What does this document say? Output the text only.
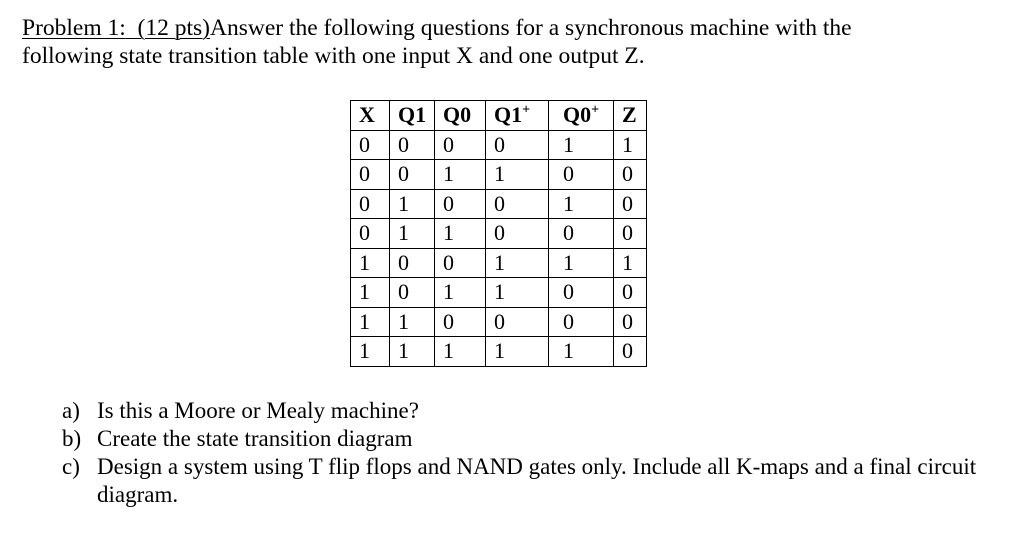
Problem 1: (12 pts)Answer the following questions for a synchronous machine with the
following state transition table with one input X and one output Z.
X	Q1	Q0	Q1+	Q0+	Z
0	0	0	0	1	1
0	0	1	1	0	0
0	1	0	0	1	0
0	1	1	0	0	0
1	0	0	1	1	1
1	0	1	1	0	0
1	1	0	0	0	0
1	1	1	1	1	0
a) Is this a Moore or Mealy machine?
b) Create the state transition diagram
c) Design a system using T flip flops and NAND gates only. Include all K-maps and a final circuit diagram.
